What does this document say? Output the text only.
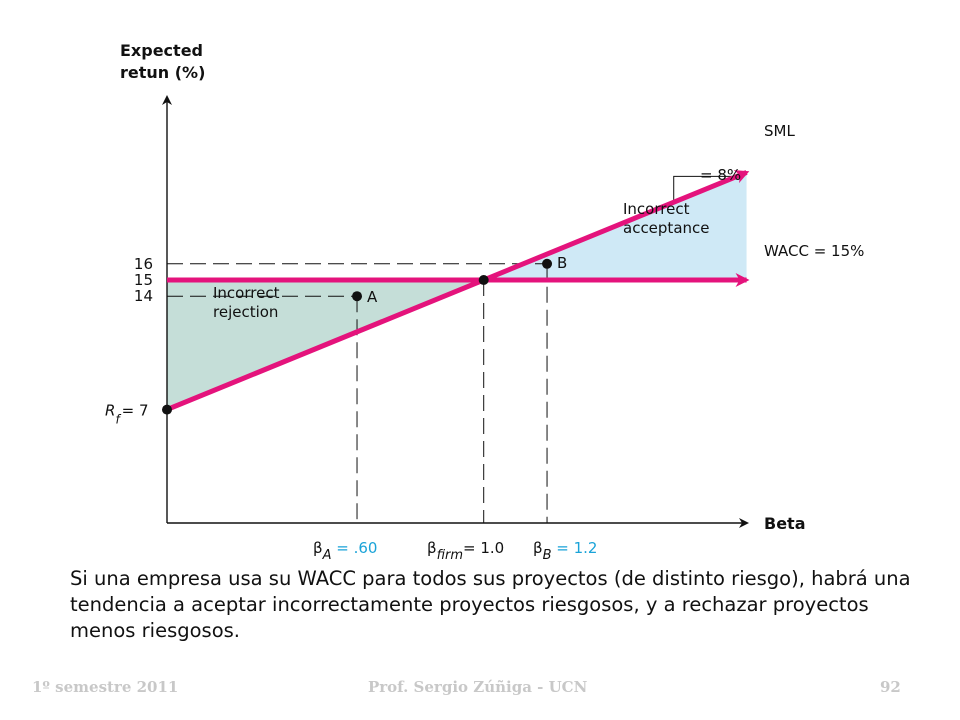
A
B
Expected
retun (%)
Beta
SML
WACC = 15%
16
15
14
$R_f = 7$
βA = .60	βfirm= 1.0 βB = 1.2
= 8%
Incorrect
acceptance
Incorrect
rejection

Si una empresa usa su WACC para todos sus proyectos (de distinto riesgo), habrá una tendencia a aceptar incorrectamente proyectos riesgosos, y a rechazar proyectos menos riesgosos.

1º semestre 2011	Prof. Sergio Zúñiga - UCN	92
